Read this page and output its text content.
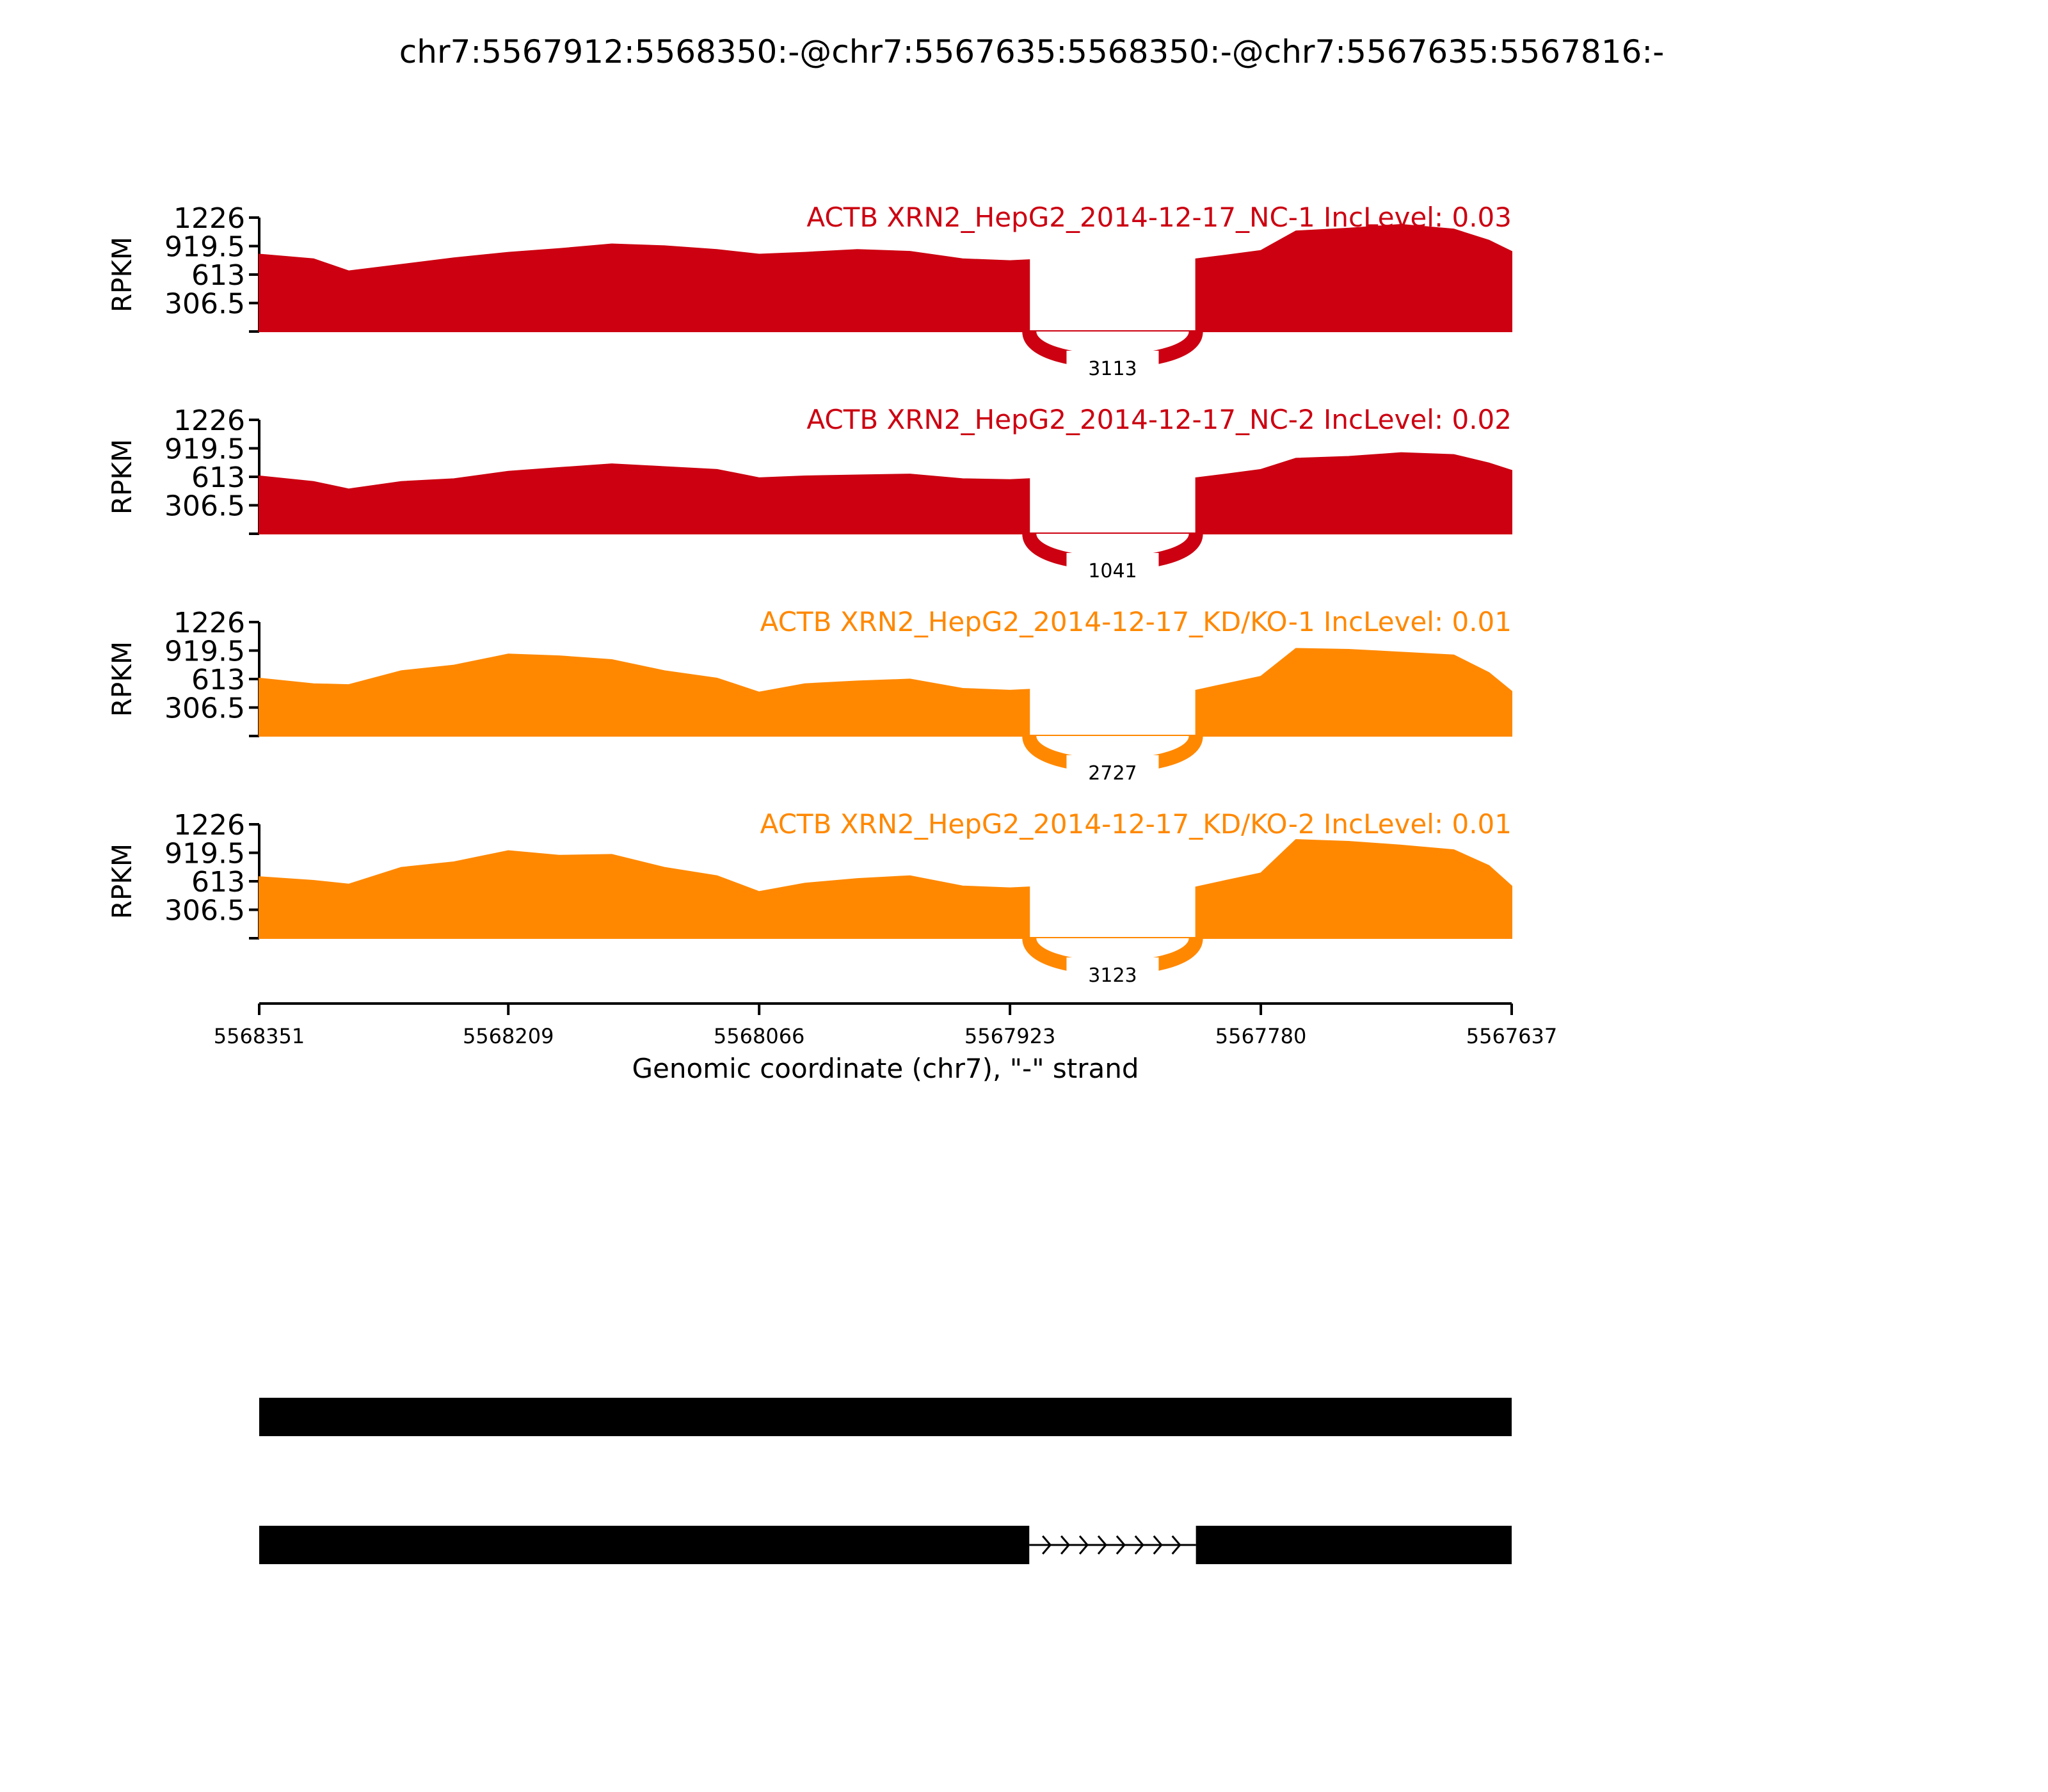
chr7:5567912:5568350:-@chr7:5567635:5568350:-@chr7:5567635:5567816:-
306.5
613
919.5
1226
RPKM
3113
ACTB XRN2_HepG2_2014-12-17_NC-1 IncLevel: 0.03
306.5
613
919.5
1226
RPKM
1041
ACTB XRN2_HepG2_2014-12-17_NC-2 IncLevel: 0.02
306.5
613
919.5
1226
RPKM
2727
ACTB XRN2_HepG2_2014-12-17_KD/KO-1 IncLevel: 0.01
306.5
613
919.5
1226
RPKM
3123
ACTB XRN2_HepG2_2014-12-17_KD/KO-2 IncLevel: 0.01
5568351	5568209	5568066	5567923	5567780	5567637
Genomic coordinate (chr7), "-" strand
